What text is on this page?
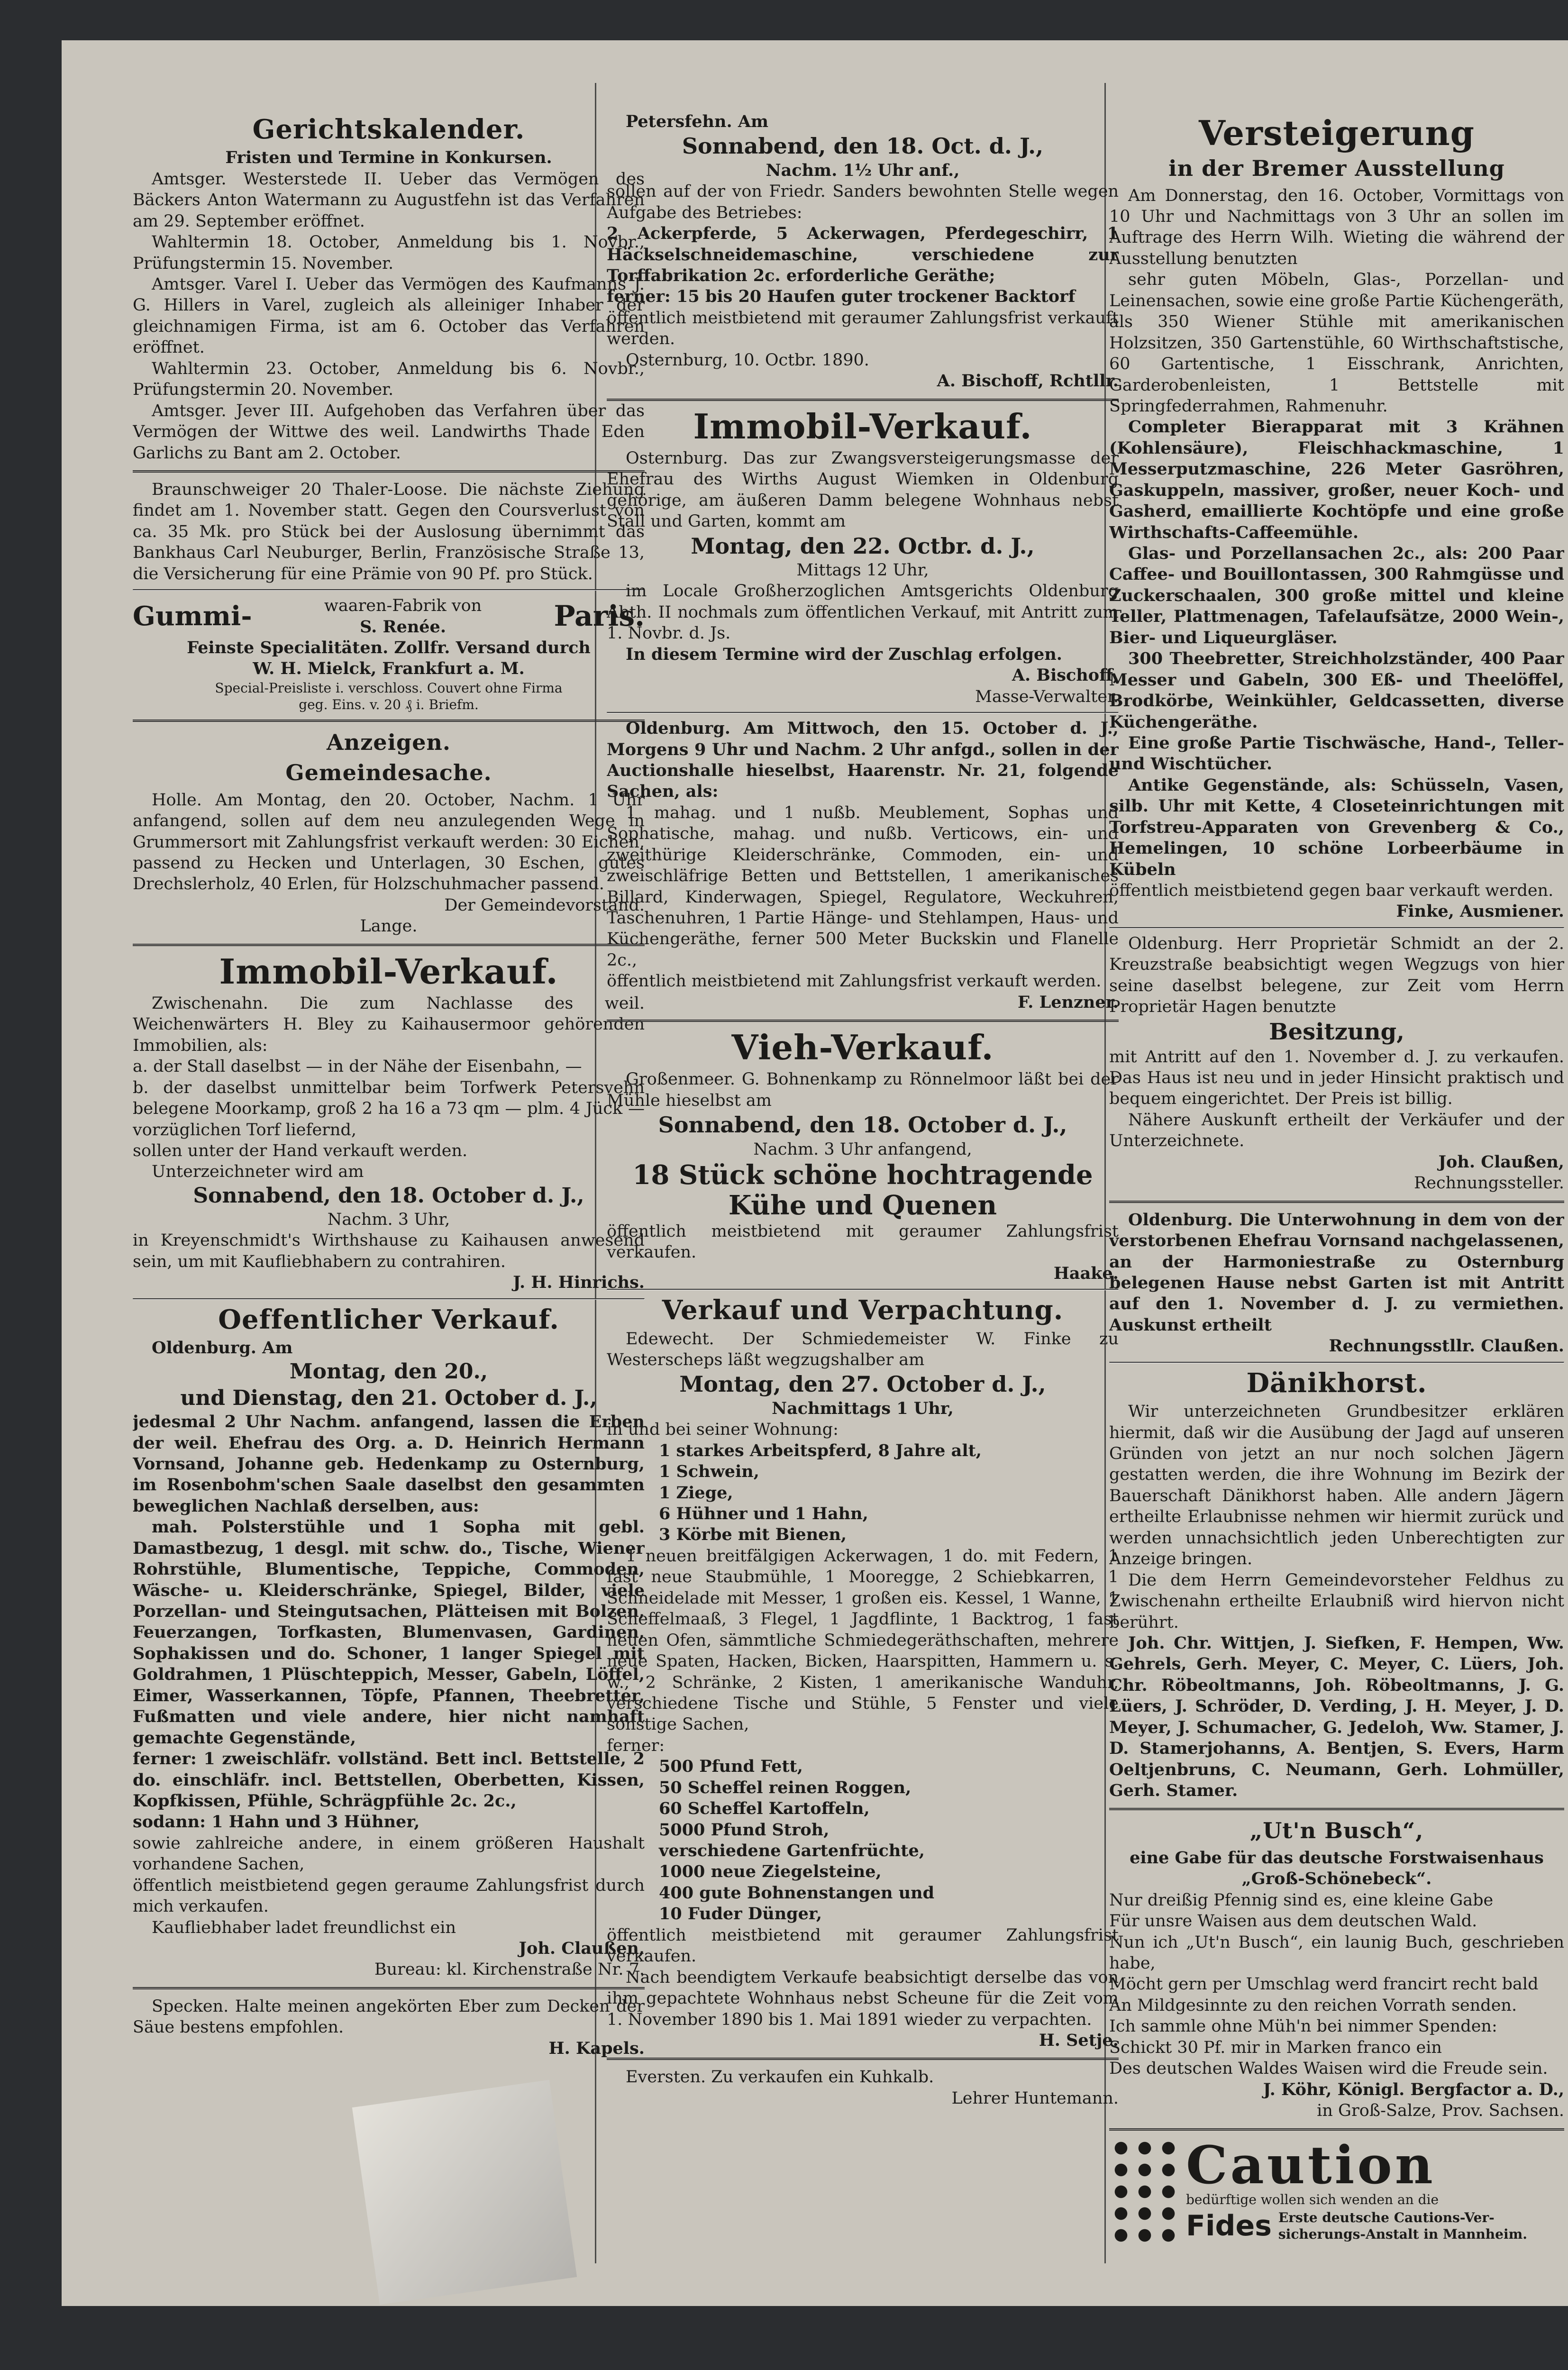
Gerichtskalender.

Fristen und Termine in Konkursen.

Amtsger. Westerstede II. Ueber das Vermögen des Bäckers Anton Watermann zu Augustfehn ist das Verfahren am 29. September eröffnet.

Wahltermin 18. October, Anmeldung bis 1. Novbr., Prüfungstermin 15. November.

Amtsger. Varel I. Ueber das Vermögen des Kaufmanns J. G. Hillers in Varel, zugleich als alleiniger Inhaber der gleichnamigen Firma, ist am 6. October das Verfahren eröffnet.

Wahltermin 23. October, Anmeldung bis 6. Novbr., Prüfungstermin 20. November.

Amtsger. Jever III. Aufgehoben das Verfahren über das Vermögen der Wittwe des weil. Landwirths Thade Eden Garlichs zu Bant am 2. October.

Braunschweiger 20 Thaler-Loose. Die nächste Ziehung findet am 1. November statt. Gegen den Coursverlust von ca. 35 Mk. pro Stück bei der Auslosung übernimmt das Bankhaus Carl Neuburger, Berlin, Französische Straße 13, die Versicherung für eine Prämie von 90 Pf. pro Stück.

Gummi-	waaren-Fabrik von
S. Renée.	Paris.

Feinste Specialitäten. Zollfr. Versand durch

W. H. Mielck, Frankfurt a. M.

Special-Preisliste i. verschloss. Couvert ohne Firma

geg. Eins. v. 20 ₰ i. Briefm.

Anzeigen.
Gemeindesache.

Holle. Am Montag, den 20. October, Nachm. 1 Uhr anfangend, sollen auf dem neu anzulegenden Wege in Grummersort mit Zahlungsfrist verkauft werden: 30 Eichen, passend zu Hecken und Unterlagen, 30 Eschen, gutes Drechslerholz, 40 Erlen, für Holzschuhmacher passend.

Der Gemeindevorstand.

Lange.

Immobil-Verkauf.

Zwischenahn. Die zum Nachlasse des weil. Weichenwärters H. Bley zu Kaihausermoor gehörenden Immobilien, als:

a. der Stall daselbst — in der Nähe der Eisenbahn, —

b. der daselbst unmittelbar beim Torfwerk Petersvehn belegene Moorkamp, groß 2 ha 16 a 73 qm — plm. 4 Jück — vorzüglichen Torf liefernd,

sollen unter der Hand verkauft werden.

Unterzeichneter wird am

Sonnabend, den 18. October d. J.,

Nachm. 3 Uhr,

in Kreyenschmidt's Wirthshause zu Kaihausen anwesend sein, um mit Kaufliebhabern zu contrahiren.

J. H. Hinrichs.

Oeffentlicher Verkauf.

Oldenburg. Am

Montag, den 20.,

und Dienstag, den 21. October d. J.,

jedesmal 2 Uhr Nachm. anfangend, lassen die Erben der weil. Ehefrau des Org. a. D. Heinrich Hermann Vornsand, Johanne geb. Hedenkamp zu Osternburg, im Rosenbohm'schen Saale daselbst den gesammten beweglichen Nachlaß derselben, aus:

mah. Polsterstühle und 1 Sopha mit gebl. Damastbezug, 1 desgl. mit schw. do., Tische, Wiener Rohrstühle, Blumentische, Teppiche, Commoden, Wäsche- u. Kleiderschränke, Spiegel, Bilder, viele Porzellan- und Steingutsachen, Plätteisen mit Bolzen, Feuerzangen, Torfkasten, Blumenvasen, Gardinen, Sophakissen und do. Schoner, 1 langer Spiegel mit Goldrahmen, 1 Plüschteppich, Messer, Gabeln, Löffel, Eimer, Wasserkannen, Töpfe, Pfannen, Theebretter, Fußmatten und viele andere, hier nicht namhaft gemachte Gegenstände,

ferner: 1 zweischläfr. vollständ. Bett incl. Bettstelle, 2 do. einschläfr. incl. Bettstellen, Oberbetten, Kissen, Kopfkissen, Pfühle, Schrägpfühle 2c. 2c.,

sodann: 1 Hahn und 3 Hühner,

sowie zahlreiche andere, in einem größeren Haushalt vorhandene Sachen,

öffentlich meistbietend gegen geraume Zahlungsfrist durch mich verkaufen.

Kaufliebhaber ladet freundlichst ein

Joh. Claußen,

Bureau: kl. Kirchenstraße Nr. 7.

Specken. Halte meinen angekörten Eber zum Decken der Säue bestens empfohlen.

H. Kapels.

Petersfehn. Am

Sonnabend, den 18. Oct. d. J.,

Nachm. 1½ Uhr anf.,

sollen auf der von Friedr. Sanders bewohnten Stelle wegen Aufgabe des Betriebes:

2 Ackerpferde, 5 Ackerwagen, Pferdegeschirr, 1 Häckselschneidemaschine, verschiedene zur Torffabrikation 2c. erforderliche Geräthe;

ferner: 15 bis 20 Haufen guter trockener Backtorf

öffentlich meistbietend mit geraumer Zahlungsfrist verkauft werden.

Osternburg, 10. Octbr. 1890.

A. Bischoff, Rchtllr.

Immobil-Verkauf.

Osternburg. Das zur Zwangsversteigerungsmasse der Ehefrau des Wirths August Wiemken in Oldenburg gehörige, am äußeren Damm belegene Wohnhaus nebst Stall und Garten, kommt am

Montag, den 22. Octbr. d. J.,

Mittags 12 Uhr,

im Locale Großherzoglichen Amtsgerichts Oldenburg Abth. II nochmals zum öffentlichen Verkauf, mit Antritt zum 1. Novbr. d. Js.

In diesem Termine wird der Zuschlag erfolgen.

A. Bischoff,

Masse-Verwalter.

Oldenburg. Am Mittwoch, den 15. October d. J., Morgens 9 Uhr und Nachm. 2 Uhr anfgd., sollen in der Auctionshalle hieselbst, Haarenstr. Nr. 21, folgende Sachen, als:

1 mahag. und 1 nußb. Meublement, Sophas und Sophatische, mahag. und nußb. Verticows, ein- und zweithürige Kleiderschränke, Commoden, ein- und zweischläfrige Betten und Bettstellen, 1 amerikanisches Billard, Kinderwagen, Spiegel, Regulatore, Weckuhren, Taschenuhren, 1 Partie Hänge- und Stehlampen, Haus- und Küchengeräthe, ferner 500 Meter Buckskin und Flanelle 2c.,

öffentlich meistbietend mit Zahlungsfrist verkauft werden.

F. Lenzner.

Vieh-Verkauf.

Großenmeer. G. Bohnenkamp zu Rönnelmoor läßt bei der Mühle hieselbst am

Sonnabend, den 18. October d. J.,

Nachm. 3 Uhr anfangend,

18 Stück schöne hochtragende Kühe und Quenen

öffentlich meistbietend mit geraumer Zahlungsfrist verkaufen.

Haake.

Verkauf und Verpachtung.

Edewecht. Der Schmiedemeister W. Finke zu Westerscheps läßt wegzugshalber am

Montag, den 27. October d. J.,

Nachmittags 1 Uhr,

in und bei seiner Wohnung:

1 starkes Arbeitspferd, 8 Jahre alt,

1 Schwein,

1 Ziege,

6 Hühner und 1 Hahn,

3 Körbe mit Bienen,

1 neuen breitfälgigen Ackerwagen, 1 do. mit Federn, 1 fast neue Staubmühle, 1 Mooregge, 2 Schiebkarren, 1 Schneidelade mit Messer, 1 großen eis. Kessel, 1 Wanne, 1 Scheffelmaaß, 3 Flegel, 1 Jagdflinte, 1 Backtrog, 1 fast neuen Ofen, sämmtliche Schmiedegeräthschaften, mehrere neue Spaten, Hacken, Bicken, Haarspitten, Hammern u. s. w., 2 Schränke, 2 Kisten, 1 amerikanische Wanduhr, verschiedene Tische und Stühle, 5 Fenster und viele sonstige Sachen,

ferner:

500 Pfund Fett,

50 Scheffel reinen Roggen,

60 Scheffel Kartoffeln,

5000 Pfund Stroh,

verschiedene Gartenfrüchte,

1000 neue Ziegelsteine,

400 gute Bohnenstangen und

10 Fuder Dünger,

öffentlich meistbietend mit geraumer Zahlungsfrist verkaufen.

Nach beendigtem Verkaufe beabsichtigt derselbe das von ihm gepachtete Wohnhaus nebst Scheune für die Zeit vom 1. November 1890 bis 1. Mai 1891 wieder zu verpachten.

H. Setje.

Eversten. Zu verkaufen ein Kuhkalb.

Lehrer Huntemann.

Versteigerung
in der Bremer Ausstellung

Am Donnerstag, den 16. October, Vormittags von 10 Uhr und Nachmittags von 3 Uhr an sollen im Auftrage des Herrn Wilh. Wieting die während der Ausstellung benutzten

sehr guten Möbeln, Glas-, Porzellan- und Leinensachen, sowie eine große Partie Küchengeräth, als 350 Wiener Stühle mit amerikanischen Holzsitzen, 350 Gartenstühle, 60 Wirthschaftstische, 60 Gartentische, 1 Eisschrank, Anrichten, Garderobenleisten, 1 Bettstelle mit Springfederrahmen, Rahmenuhr.

Completer Bierapparat mit 3 Krähnen (Kohlensäure), Fleischhackmaschine, 1 Messerputzmaschine, 226 Meter Gasröhren, Gaskuppeln, massiver, großer, neuer Koch- und Gasherd, emaillierte Kochtöpfe und eine große Wirthschafts-Caffeemühle.

Glas- und Porzellansachen 2c., als: 200 Paar Caffee- und Bouillontassen, 300 Rahmgüsse und Zuckerschaalen, 300 große mittel und kleine Teller, Plattmenagen, Tafelaufsätze, 2000 Wein-, Bier- und Liqueurgläser.

300 Theebretter, Streichholzständer, 400 Paar Messer und Gabeln, 300 Eß- und Theelöffel, Brodkörbe, Weinkühler, Geldcassetten, diverse Küchengeräthe.

Eine große Partie Tischwäsche, Hand-, Teller- und Wischtücher.

Antike Gegenstände, als: Schüsseln, Vasen, silb. Uhr mit Kette, 4 Closeteinrichtungen mit Torfstreu-Apparaten von Grevenberg & Co., Hemelingen, 10 schöne Lorbeerbäume in Kübeln

öffentlich meistbietend gegen baar verkauft werden.

Finke, Ausmiener.

Oldenburg. Herr Proprietär Schmidt an der 2. Kreuzstraße beabsichtigt wegen Wegzugs von hier seine daselbst belegene, zur Zeit vom Herrn Proprietär Hagen benutzte

Besitzung,

mit Antritt auf den 1. November d. J. zu verkaufen. Das Haus ist neu und in jeder Hinsicht praktisch und bequem eingerichtet. Der Preis ist billig.

Nähere Auskunft ertheilt der Verkäufer und der Unterzeichnete.

Joh. Claußen,

Rechnungssteller.

Oldenburg. Die Unterwohnung in dem von der verstorbenen Ehefrau Vornsand nachgelassenen, an der Harmoniestraße zu Osternburg belegenen Hause nebst Garten ist mit Antritt auf den 1. November d. J. zu vermiethen. Auskunst ertheilt

Rechnungsstllr. Claußen.

Dänikhorst.

Wir unterzeichneten Grundbesitzer erklären hiermit, daß wir die Ausübung der Jagd auf unseren Gründen von jetzt an nur noch solchen Jägern gestatten werden, die ihre Wohnung im Bezirk der Bauerschaft Dänikhorst haben. Alle andern Jägern ertheilte Erlaubnisse nehmen wir hiermit zurück und werden unnachsichtlich jeden Unberechtigten zur Anzeige bringen.

Die dem Herrn Gemeindevorsteher Feldhus zu Zwischenahn ertheilte Erlaubniß wird hiervon nicht berührt.

Joh. Chr. Wittjen, J. Siefken, F. Hempen, Ww. Gehrels, Gerh. Meyer, C. Meyer, C. Lüers, Joh. Chr. Röbeoltmanns, Joh. Röbeoltmanns, J. G. Lüers, J. Schröder, D. Verding, J. H. Meyer, J. D. Meyer, J. Schumacher, G. Jedeloh, Ww. Stamer, J. D. Stamerjohanns, A. Bentjen, S. Evers, Harm Oeltjenbruns, C. Neumann, Gerh. Lohmüller, Gerh. Stamer.

„Ut'n Busch“,

eine Gabe für das deutsche Forstwaisenhaus „Groß-Schönebeck“.

Nur dreißig Pfennig sind es, eine kleine Gabe

Für unsre Waisen aus dem deutschen Wald.

Nun ich „Ut'n Busch“, ein launig Buch, geschrieben habe,

Möcht gern per Umschlag werd francirt recht bald

An Mildgesinnte zu den reichen Vorrath senden.

Ich sammle ohne Müh'n bei nimmer Spenden:

Schickt 30 Pf. mir in Marken franco ein

Des deutschen Waldes Waisen wird die Freude sein.

J. Köhr, Königl. Bergfactor a. D.,

in Groß-Salze, Prov. Sachsen.

Caution

bedürftige wollen sich wenden an die

Fides Erste deutsche Cautions-Ver-

sicherungs-Anstalt in Mannheim.
